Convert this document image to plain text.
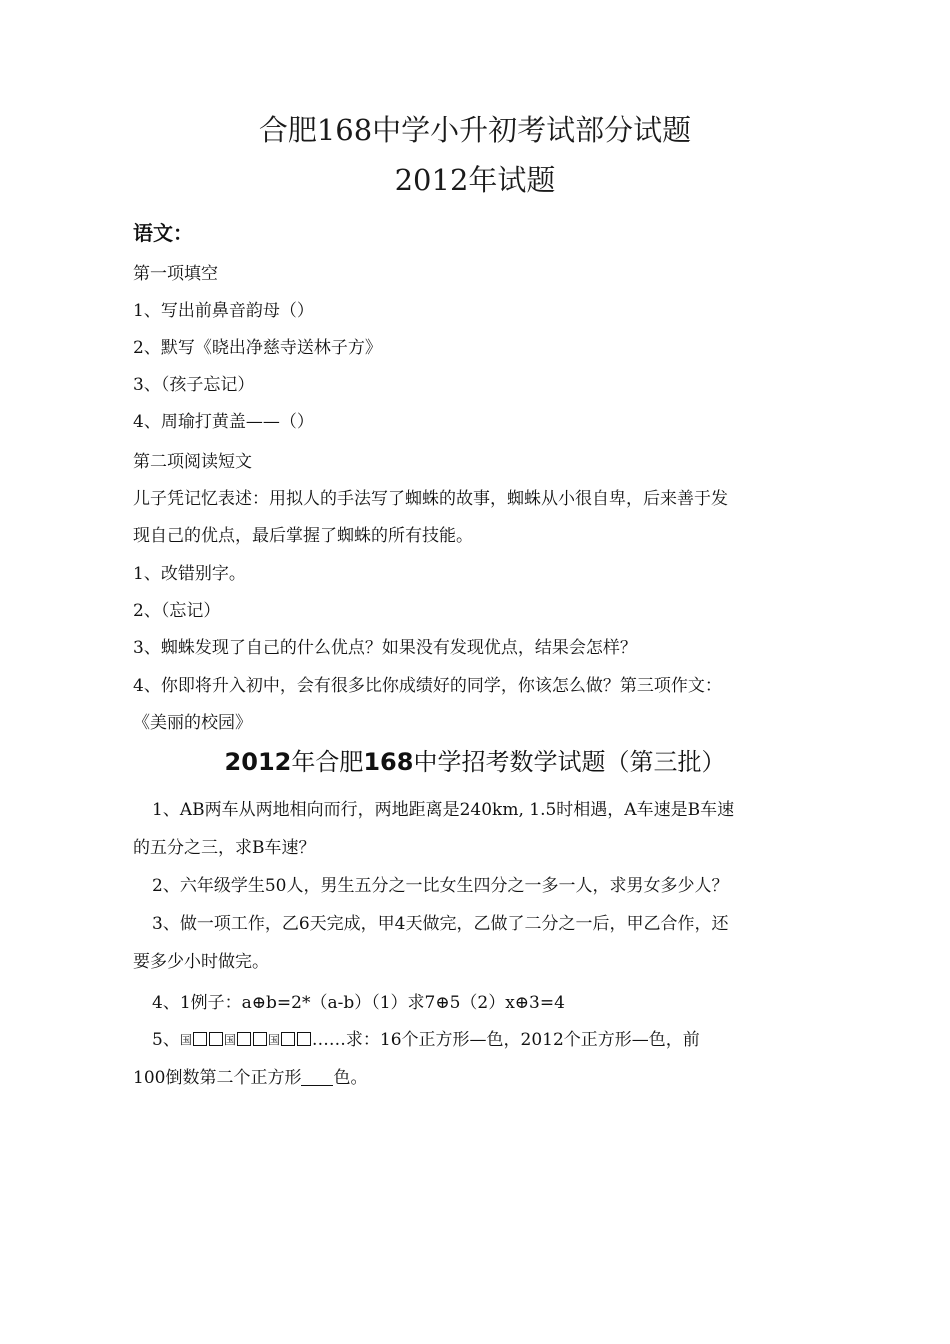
合肥168中学小升初考试部分试题
2012年试题
语文：
第一项填空
1、写出前鼻音韵母（）
2、默写《晓出净慈寺送林子方》
3、（孩子忘记）
4、周瑜打黄盖——（）
第二项阅读短文
儿子凭记忆表述：用拟人的手法写了蜘蛛的故事，蜘蛛从小很自卑，后来善于发
现自己的优点，最后掌握了蜘蛛的所有技能。
1、改错别字。
2、（忘记）
3、蜘蛛发现了自己的什么优点？如果没有发现优点，结果会怎样？
4、你即将升入初中，会有很多比你成绩好的同学，你该怎么做？第三项作文：
《美丽的校园》
2012年合肥168中学招考数学试题（第三批）
1、AB两车从两地相向而行，两地距离是240km, 1.5时相遇，A车速是B车速
的五分之三，求B车速？
2、六年级学生50人，男生五分之一比女生四分之一多一人，求男女多少人？
3、做一项工作，乙6天完成，甲4天做完，乙做了二分之一后，甲乙合作，还
要多少小时做完。
4、1例子：a⊕b=2*（a-b）（1）求7⊕5（2）x⊕3=4
5、国	国	国 ……求：16个正方形—色，2012个正方形—色，前
100倒数第二个正方形 色。
